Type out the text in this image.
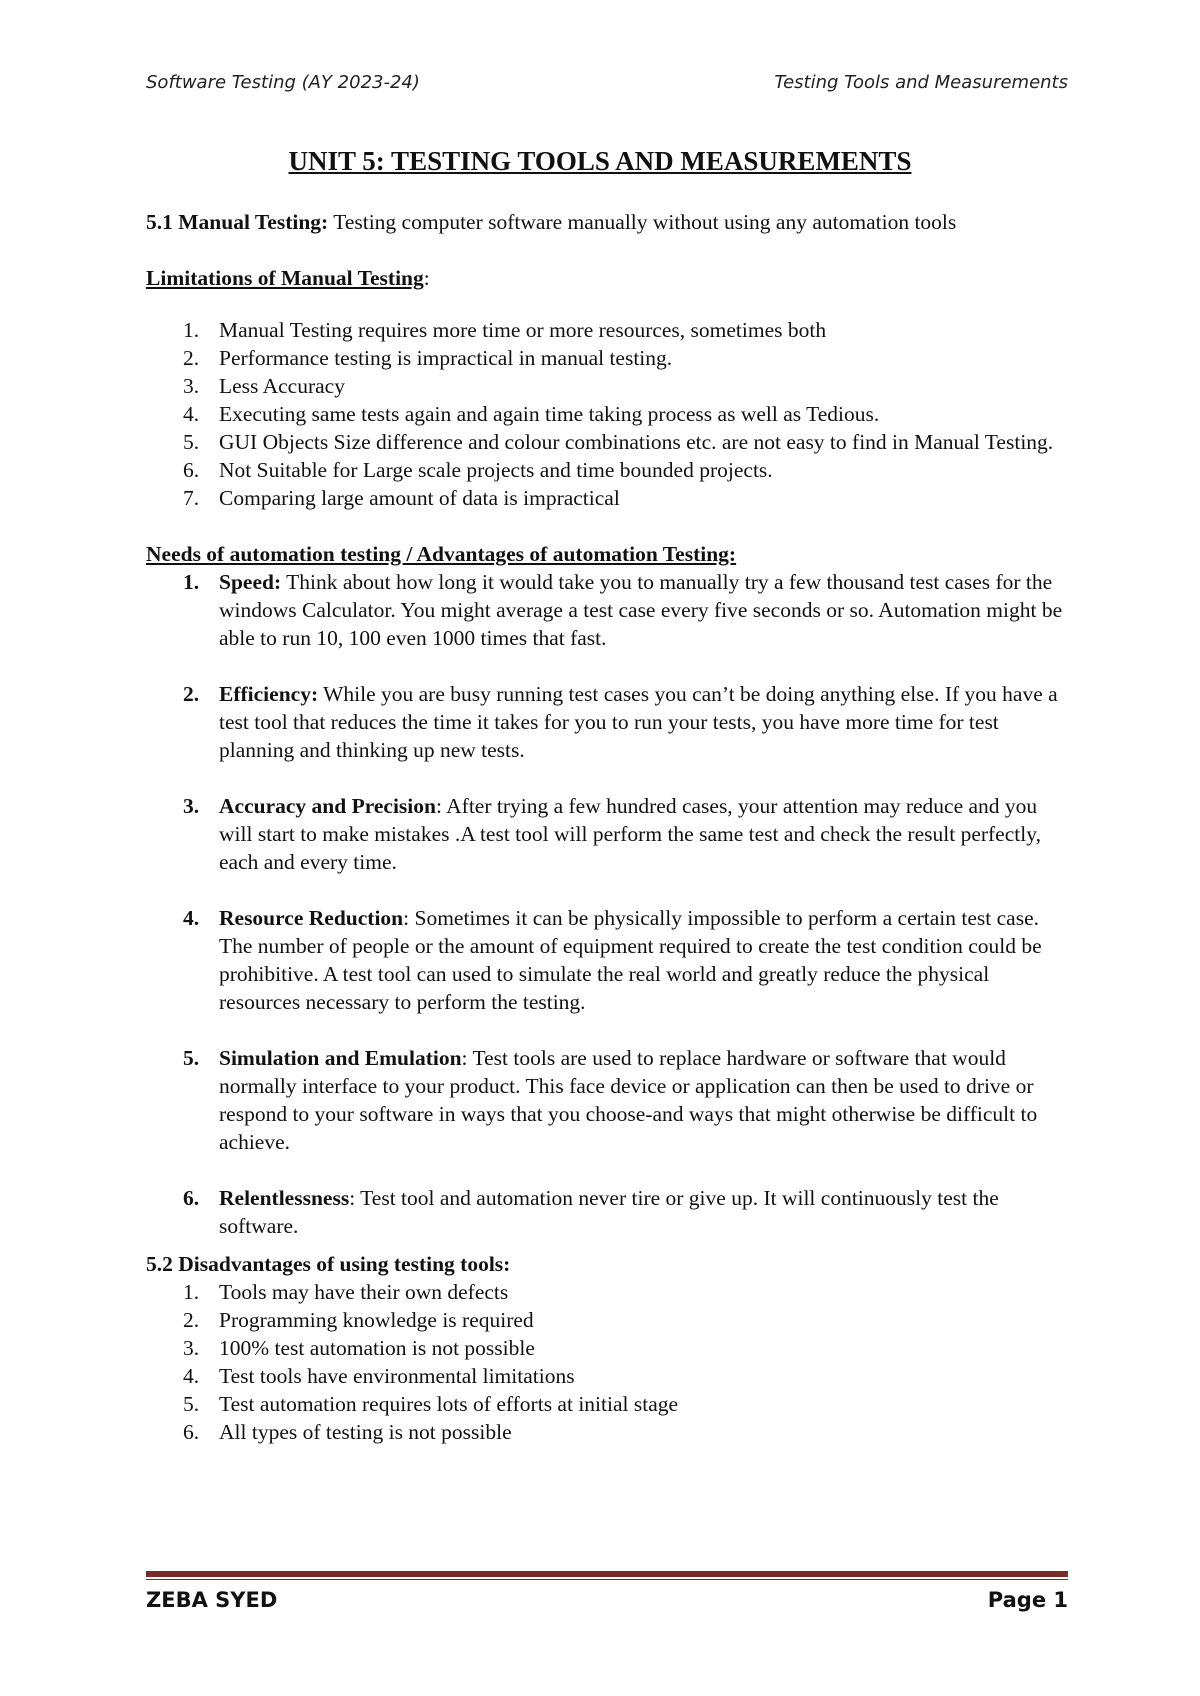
Software Testing (AY 2023-24)	Testing Tools and Measurements
UNIT 5: TESTING TOOLS AND MEASUREMENTS

5.1 Manual Testing: Testing computer software manually without using any automation tools

Limitations of Manual Testing:

Manual Testing requires more time or more resources, sometimes both
Performance testing is impractical in manual testing.
Less Accuracy
Executing same tests again and again time taking process as well as Tedious.
GUI Objects Size difference and colour combinations etc. are not easy to find in Manual Testing.
Not Suitable for Large scale projects and time bounded projects.
Comparing large amount of data is impractical

Needs of automation testing / Advantages of automation Testing:

Speed: Think about how long it would take you to manually try a few thousand test cases for the windows Calculator. You might average a test case every five seconds or so. Automation might be able to run 10, 100 even 1000 times that fast.
Efficiency: While you are busy running test cases you can’t be doing anything else. If you have a test tool that reduces the time it takes for you to run your tests, you have more time for test planning and thinking up new tests.
Accuracy and Precision: After trying a few hundred cases, your attention may reduce and you will start to make mistakes .A test tool will perform the same test and check the result perfectly, each and every time.
Resource Reduction: Sometimes it can be physically impossible to perform a certain test case. The number of people or the amount of equipment required to create the test condition could be prohibitive. A test tool can used to simulate the real world and greatly reduce the physical resources necessary to perform the testing.
Simulation and Emulation: Test tools are used to replace hardware or software that would normally interface to your product. This face device or application can then be used to drive or respond to your software in ways that you choose-and ways that might otherwise be difficult to achieve.
Relentlessness: Test tool and automation never tire or give up. It will continuously test the software.

5.2 Disadvantages of using testing tools:

Tools may have their own defects
Programming knowledge is required
100% test automation is not possible
Test tools have environmental limitations
Test automation requires lots of efforts at initial stage
All types of testing is not possible
ZEBA SYED	Page 1
